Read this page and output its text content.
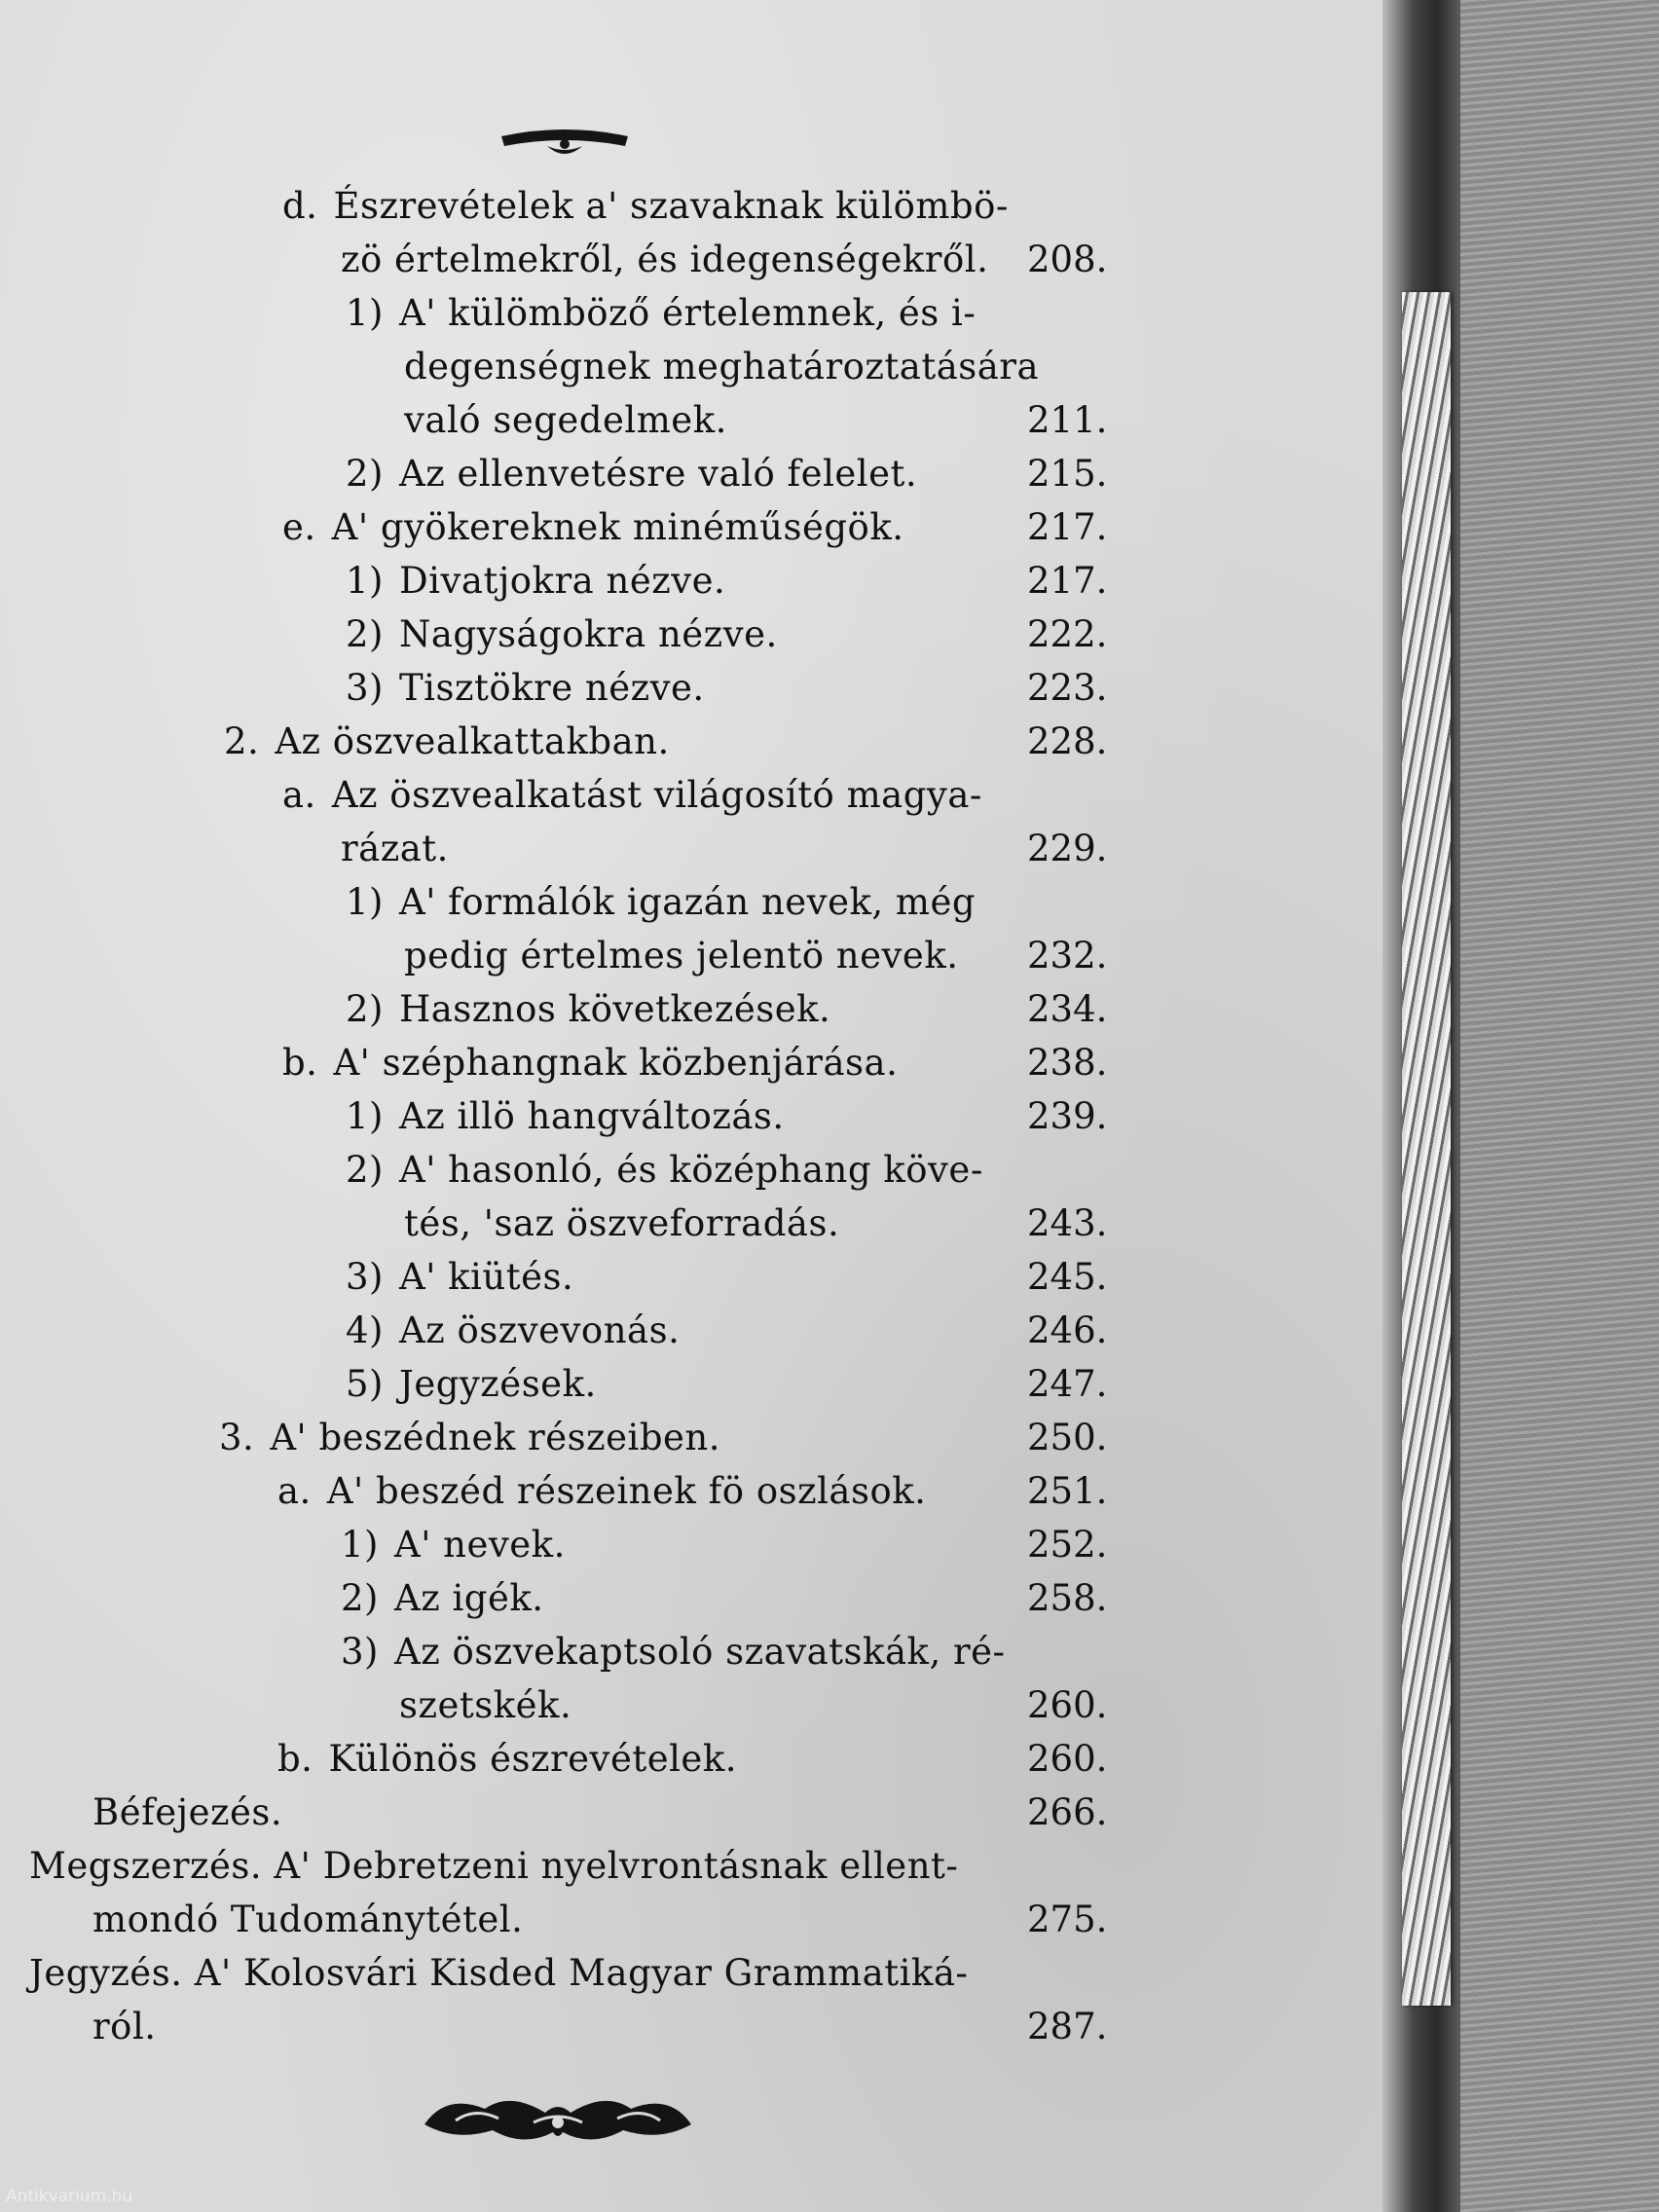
d. Észrevételek a' szavaknak külömbö-
zö értelmekről, és idegenségekről. 208.
1) A' külömböző értelemnek, és i-
degenségnek meghatároztatására
való segedelmek.	211.
2) Az ellenvetésre való felelet.	215.
e. A' gyökereknek minéműségök.	217.
1) Divatjokra nézve.	217.
2) Nagyságokra nézve.	222.
3) Tisztökre nézve.	223.
2. Az öszvealkattakban.	228.
a. Az öszvealkatást világosító magya-
rázat.	229.
1) A' formálók igazán nevek, még
pedig értelmes jelentö nevek. 232.
2) Hasznos következések.	234.
b. A' széphangnak közbenjárása.	238.
1) Az illö hangváltozás.	239.
2) A' hasonló, és középhang köve-
tés, 'saz öszveforradás.	243.
3) A' kiütés.	245.
4) Az öszvevonás.	246.
5) Jegyzések.	247.
3. A' beszédnek részeiben.	250.
a. A' beszéd részeinek fö oszlások.	251.
1) A' nevek.	252.
2) Az igék.	258.
3) Az öszvekaptsoló szavatskák, ré-
szetskék.	260.
b. Különös észrevételek.	260.
Béfejezés.	266.
Megszerzés. A' Debretzeni nyelvrontásnak ellent-
mondó Tudománytétel.	275.
Jegyzés. A' Kolosvári Kisded Magyar Grammatiká-
ról.	287.
Antikvarium.hu
